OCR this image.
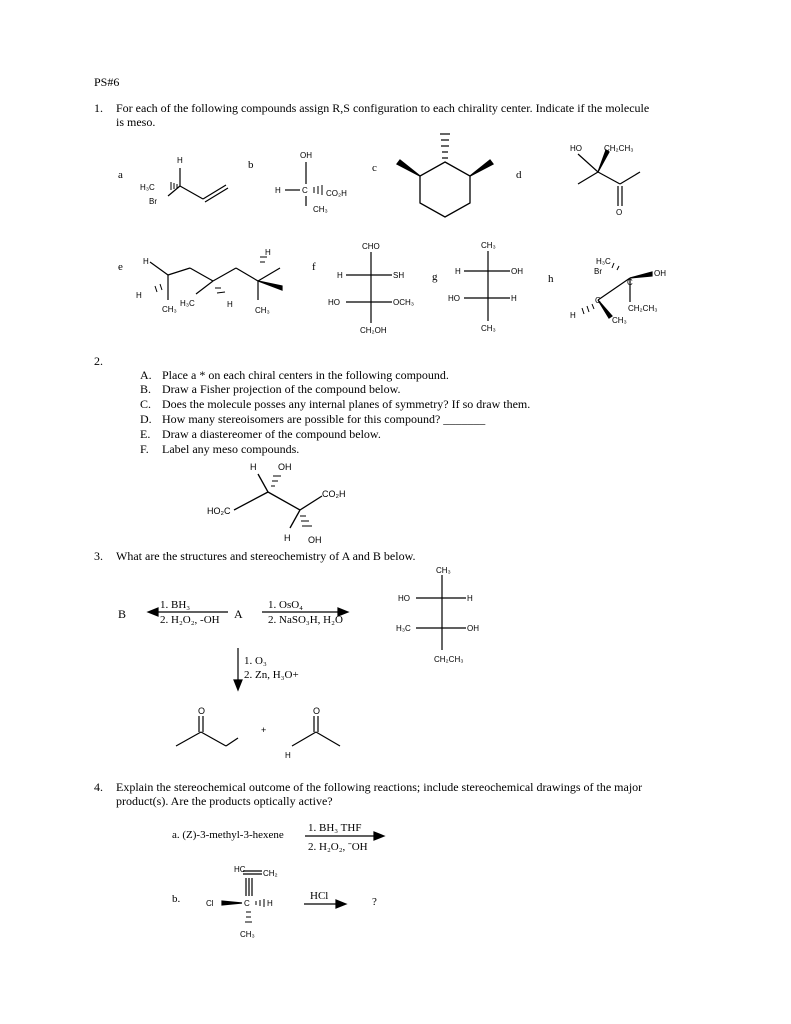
PS#6
1. For each of the following compounds assign R,S configuration to each chirality center. Indicate if the molecule
is meso.
a
b	c
d
e	f
g	h
H
H₃C
Br
OH
H	C CO₂H
CH₃
HO	CH₂CH₃
O
H
H
CH₃
H₃C	H
H
CH₃
CHO
H	SH
HO	OCH₃
CH₂OH
CH₃
H	OH
HO	H
CH₃
H₃C
Br
C
OH
C
CH₂CH₃
H
CH₃
H OH
CO₂H
HO₂C
H OH
CH₃
HO	H
H₃C	OH
CH₂CH₃
O
+
O
H
HC CH₂
Cl	C H
CH₃
2.
A. Place a * on each chiral centers in the following compound.
B. Draw a Fisher projection of the compound below.
C. Does the molecule posses any internal planes of symmetry? If so draw them.
D. How many stereoisomers are possible for this compound? _______
E. Draw a diastereomer of the compound below.
F. Label any meso compounds.
3. What are the structures and stereochemistry of A and B below.
B	A
1. BH₃
2. H₂O₂, -OH
1. OsO₄
2. NaSO₃H, H₂O
1. O₃
2. Zn, H₃O+
4. Explain the stereochemical outcome of the following reactions; include stereochemical drawings of the major
product(s). Are the products optically active?
a. (Z)-3-methyl-3-hexene
1. BH₃ THF
2. H₂O₂, ˉOH
b.	HCl	?
